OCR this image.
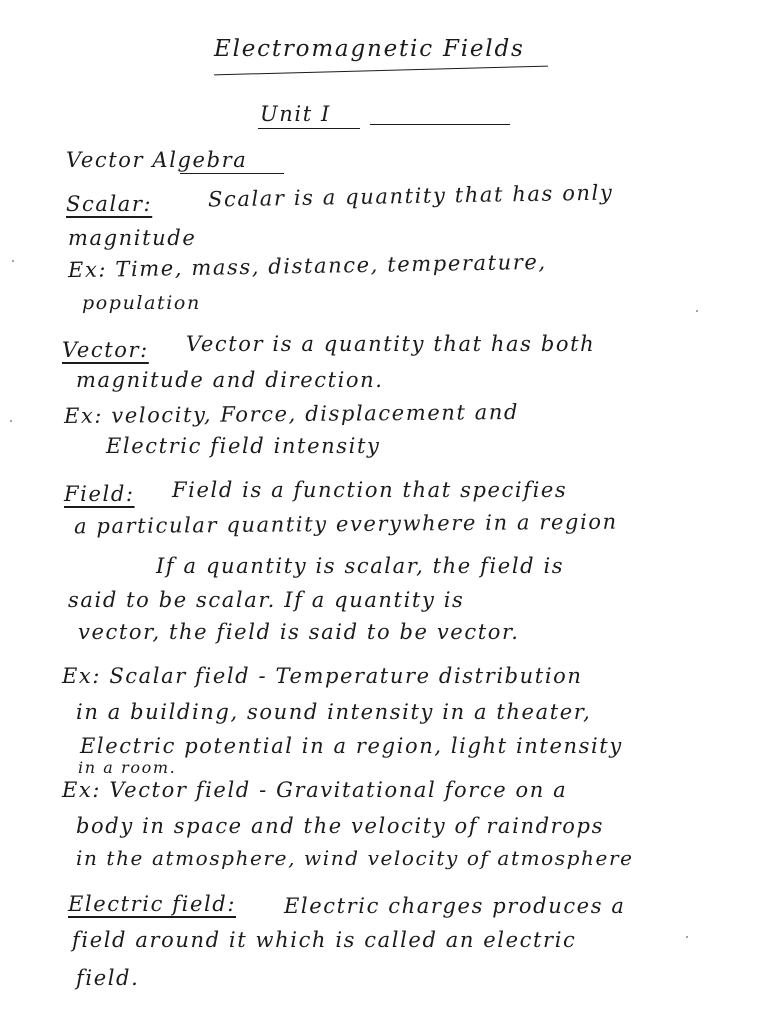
Electromagnetic Fields
Unit I
Vector Algebra
Scalar:	Scalar is a quantity that has only
magnitude
Ex: Time, mass, distance, temperature,
population
Vector: Vector is a quantity that has both
magnitude and direction.
Ex: velocity, Force, displacement and
Electric field intensity
Field: Field is a function that specifies
a particular quantity everywhere in a region
If a quantity is scalar, the field is
said to be scalar. If a quantity is
vector, the field is said to be vector.
Ex: Scalar field - Temperature distribution
in a building, sound intensity in a theater,
Electric potential in a region, light intensity
in a room.
Ex: Vector field - Gravitational force on a
body in space and the velocity of raindrops
in the atmosphere, wind velocity of atmosphere
Electric field: Electric charges produces a
field around it which is called an electric
field.
